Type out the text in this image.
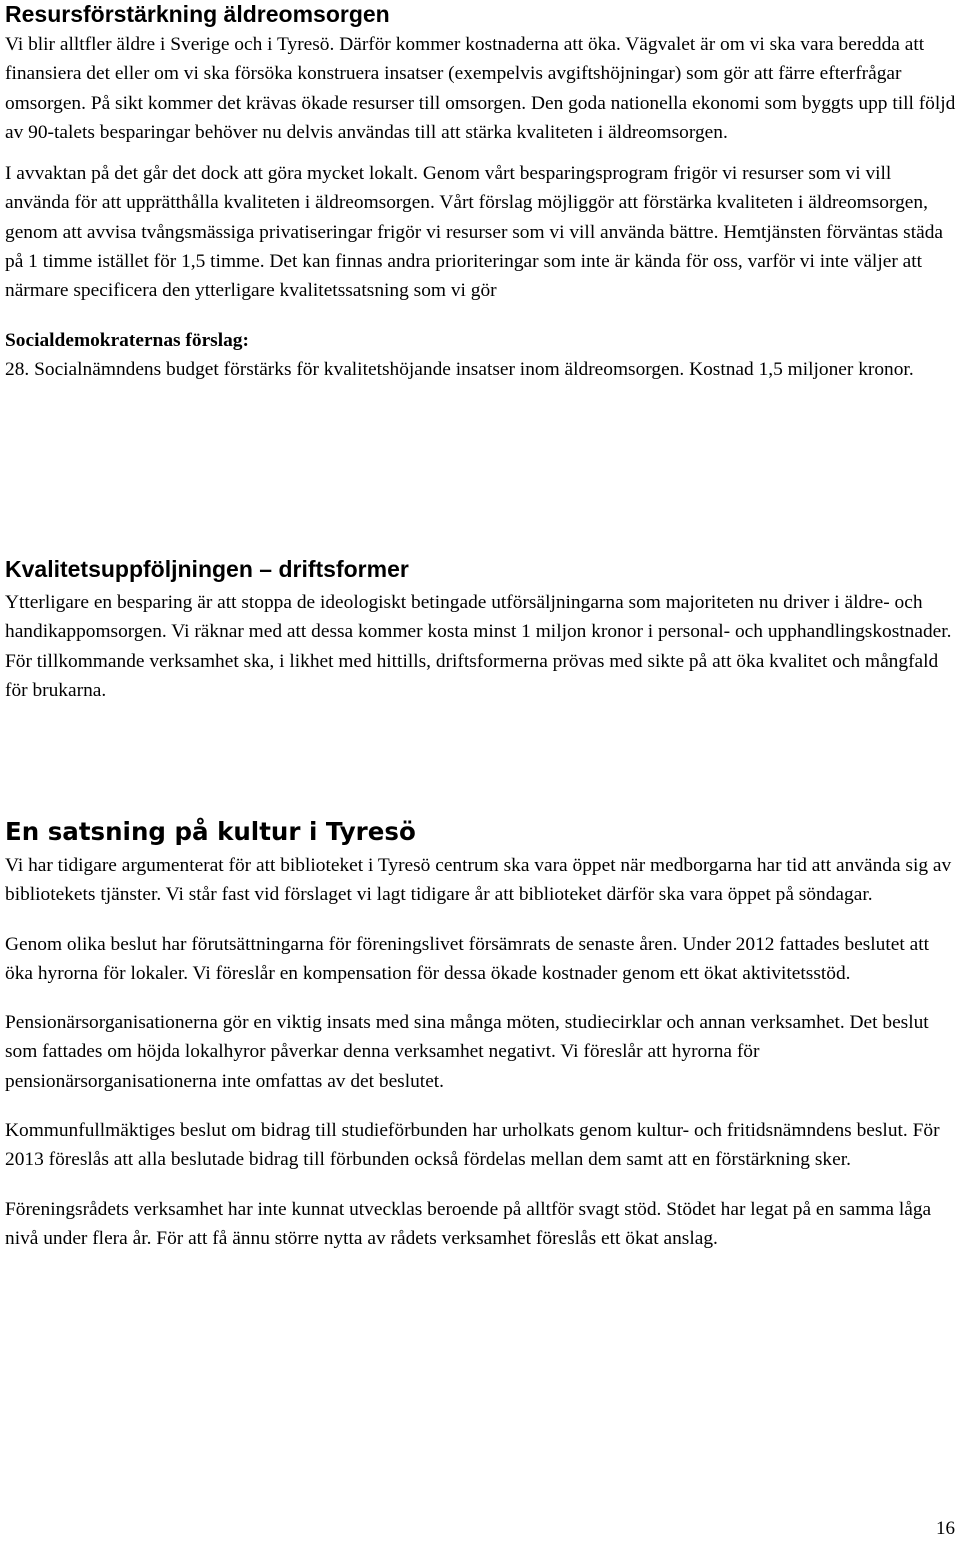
Resursförstärkning äldreomsorgen

Vi blir alltfler äldre i Sverige och i Tyresö. Därför kommer kostnaderna att öka. Vägvalet är om vi ska vara beredda att finansiera det eller om vi ska försöka konstruera insatser (exempelvis avgiftshöjningar) som gör att färre efterfrågar omsorgen. På sikt kommer det krävas ökade resurser till omsorgen. Den goda nationella ekonomi som byggts upp till följd av 90-talets besparingar behöver nu delvis användas till att stärka kvaliteten i äldreomsorgen.

I avvaktan på det går det dock att göra mycket lokalt. Genom vårt besparingsprogram frigör vi resurser som vi vill använda för att upprätthålla kvaliteten i äldreomsorgen. Vårt förslag möjliggör att förstärka kvaliteten i äldreomsorgen, genom att avvisa tvångsmässiga privatiseringar frigör vi resurser som vi vill använda bättre. Hemtjänsten förväntas städa på 1 timme istället för 1,5 timme. Det kan finnas andra prioriteringar som inte är kända för oss, varför vi inte väljer att närmare specificera den ytterligare kvalitetssatsning som vi gör

Socialdemokraternas förslag:

28. Socialnämndens budget förstärks för kvalitetshöjande insatser inom äldreomsorgen. Kostnad 1,5 miljoner kronor.

Kvalitetsuppföljningen – driftsformer

Ytterligare en besparing är att stoppa de ideologiskt betingade utförsäljningarna som majoriteten nu driver i äldre- och handikappomsorgen. Vi räknar med att dessa kommer kosta minst 1 miljon kronor i personal- och upphandlingskostnader.

För tillkommande verksamhet ska, i likhet med hittills, driftsformerna prövas med sikte på att öka kvalitet och mångfald för brukarna.

En satsning på kultur i Tyresö

Vi har tidigare argumenterat för att biblioteket i Tyresö centrum ska vara öppet när medborgarna har tid att använda sig av bibliotekets tjänster. Vi står fast vid förslaget vi lagt tidigare år att biblioteket därför ska vara öppet på söndagar.

Genom olika beslut har förutsättningarna för föreningslivet försämrats de senaste åren. Under 2012 fattades beslutet att öka hyrorna för lokaler. Vi föreslår en kompensation för dessa ökade kostnader genom ett ökat aktivitetsstöd.

Pensionärsorganisationerna gör en viktig insats med sina många möten, studiecirklar och annan verksamhet. Det beslut som fattades om höjda lokalhyror påverkar denna verksamhet negativt. Vi föreslår att hyrorna för pensionärsorganisationerna inte omfattas av det beslutet.

Kommunfullmäktiges beslut om bidrag till studieförbunden har urholkats genom kultur- och fritidsnämndens beslut. För 2013 föreslås att alla beslutade bidrag till förbunden också fördelas mellan dem samt att en förstärkning sker.

Föreningsrådets verksamhet har inte kunnat utvecklas beroende på alltför svagt stöd. Stödet har legat på en samma låga nivå under flera år. För att få ännu större nytta av rådets verksamhet föreslås ett ökat anslag.

16
